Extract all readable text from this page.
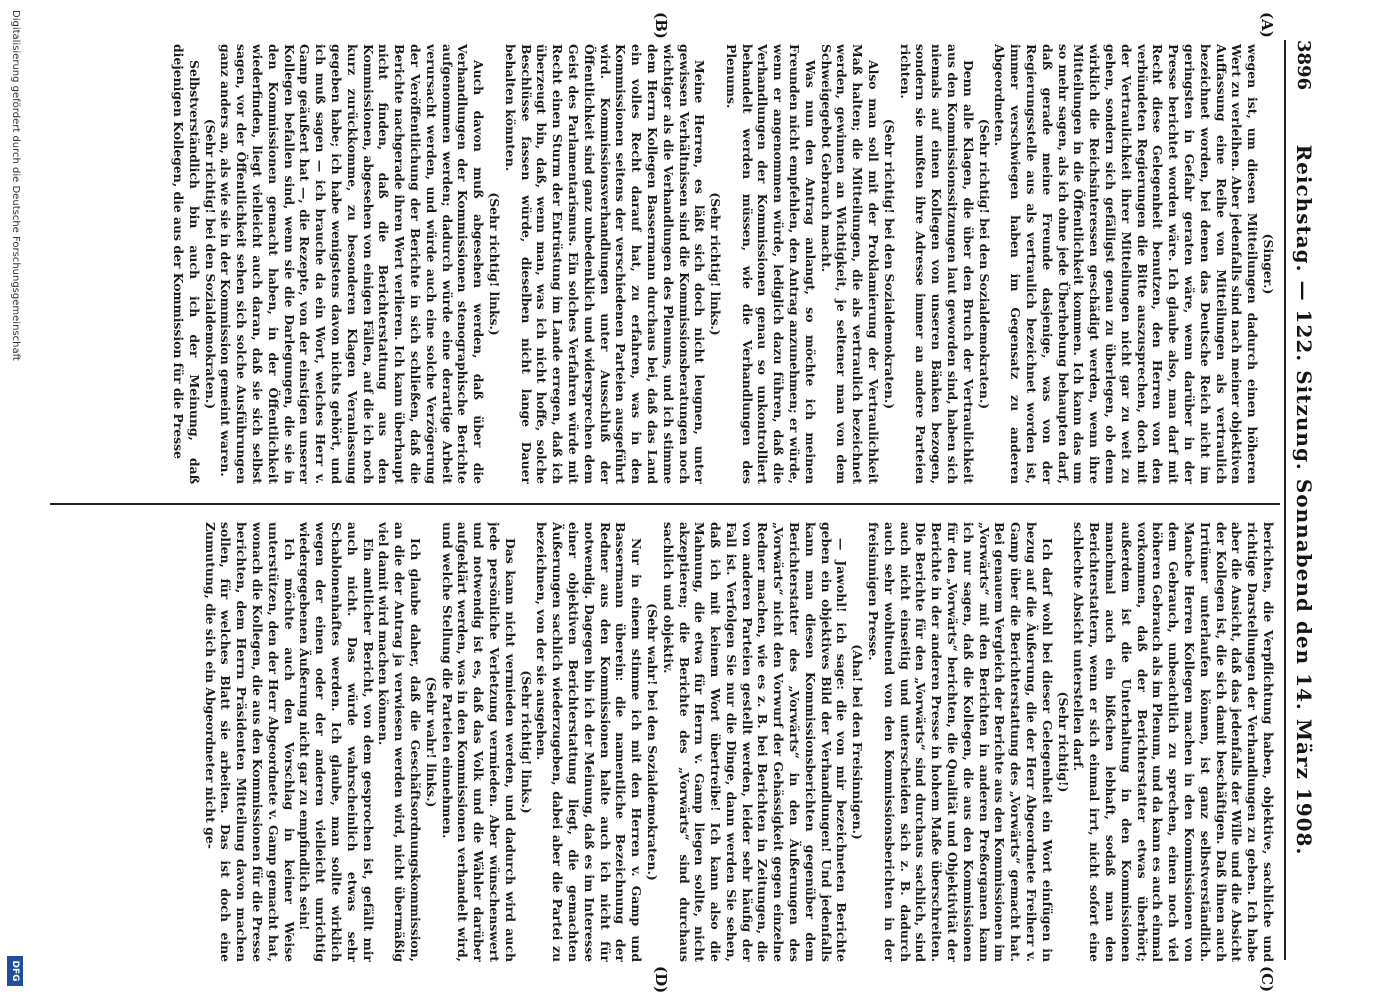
3896
Reichstag. — 122. Sitzung. Sonnabend den 14. März 1908.
(A)
(B)
(C)
(D)

(Singer.)

wegen ist, um diesen Mitteilungen dadurch einen höheren Wert zu verleihen. Aber jedenfalls sind nach meiner objektiven Auffassung eine Reihe von Mitteilungen als vertraulich bezeichnet worden, bei denen das Deutsche Reich nicht im geringsten in Gefahr geraten wäre, wenn darüber in der Presse berichtet worden wäre. Ich glaube also, man darf mit Recht diese Gelegenheit benutzen, den Herren von den verbündeten Regierungen die Bitte auszusprechen, doch mit der Vertraulichkeit ihrer Mitteilungen nicht gar zu weit zu gehen, sondern sich gefälligst genau zu überlegen, ob denn wirklich die Reichsinteressen geschädigt werden, wenn ihre Mitteilungen in die Öffentlichkeit kommen. Ich kann das um so mehr sagen, als ich ohne jede Überhebung behaupten darf, daß gerade meine Freunde dasjenige, was von der Regierungsstelle aus als vertraulich bezeichnet worden ist, immer verschwiegen haben im Gegensatz zu anderen Abgeordneten.

(Sehr richtig! bei den Sozialdemokraten.)

Denn alle Klagen, die über den Bruch der Vertraulichkeit aus den Kommissionssitzungen laut geworden sind, haben sich niemals auf einen Kollegen von unseren Bänken bezogen, sondern sie mußten ihre Adresse immer an andere Parteien richten.

(Sehr richtig! bei den Sozialdemokraten.)

Also man soll mit der Proklamierung der Vertraulichkeit Maß halten; die Mitteilungen, die als vertraulich bezeichnet werden, gewinnen an Wichtigkeit, je seltener man von dem Schweigegebot Gebrauch macht.

Was nun den Antrag anlangt, so möchte ich meinen Freunden nicht empfehlen, den Antrag anzunehmen; er würde, wenn er angenommen würde, lediglich dazu führen, daß die Verhandlungen der Kommissionen genau so unkontrolliert behandelt werden müssen, wie die Verhandlungen des Plenums.

(Sehr richtig! links.)

Meine Herren, es läßt sich doch nicht leugnen, unter gewissen Verhältnissen sind die Kommissionsberatungen noch wichtiger als die Verhandlungen des Plenums, und ich stimme dem Herrn Kollegen Bassermann durchaus bei, daß das Land ein volles Recht darauf hat, zu erfahren, was in den Kommissionen seitens der verschiedenen Parteien ausgeführt wird. Kommissionsverhandlungen unter Ausschluß der Öffentlichkeit sind ganz unbedenklich und widersprechen dem Geist des Parlamentarismus. Ein solches Verfahren würde mit Recht einen Sturm der Entrüstung im Lande erregen, daß ich überzeugt bin, daß, wenn man, was ich nicht hoffe, solche Beschlüsse fassen würde, dieselben nicht lange Dauer behalten könnten.

(Sehr richtig! links.)

Auch davon muß abgesehen werden, daß über die Verhandlungen der Kommissionen stenographische Berichte aufgenommen werden; dadurch würde eine derartige Arbeit verursacht werden, und würde auch eine solche Verzögerung der Veröffentlichung der Berichte in sich schließen, daß die Berichte nachgerade ihren Wert verlieren. Ich kann überhaupt nicht finden, daß die Berichterstattung aus den Kommissionen, abgesehen von einigen Fällen, auf die ich noch kurz zurückkomme, zu besonderen Klagen Veranlassung gegeben habe; ich habe wenigstens davon nichts gehört, und ich muß sagen — ich brauche da ein Wort, welches Herr v. Gamp geäußert hat —, die Rezepte, von der einstigen unserer Kollegen befallen sind, wenn sie die Darlegungen, die sie in den Kommissionen gemacht haben, in der Öffentlichkeit wiederfinden, liegt vielleicht auch daran, daß sie sich selbst sagen, vor der Öffentlichkeit sehen sich solche Ausführungen ganz anders an, als wie sie in der Kommission gemeint waren.

(Sehr richtig! bei den Sozialdemokraten.)

Selbstverständlich bin auch ich der Meinung, daß diejenigen Kollegen, die aus der Kommission für die Presse

berichten, die Verpflichtung haben, objektive, sachliche und richtige Darstellungen der Verhandlungen zu geben. Ich habe aber die Ansicht, daß das jedenfalls der Wille und die Absicht der Kollegen ist, die sich damit beschäftigen. Daß ihnen auch Irrtümer unterlaufen können, ist ganz selbstverständlich. Manche Herren Kollegen machen in den Kommissionen von dem Gebrauch, unbeachtlich zu sprechen, einen noch viel höheren Gebrauch als im Plenum, und da kann es auch einmal vorkommen, daß der Berichterstatter etwas überhört; außerdem ist die Unterhaltung in den Kommissionen manchmal auch ein bißchen lebhaft, sodaß man den Berichterstattern, wenn er sich einmal irrt, nicht sofort eine schlechte Absicht unterstellen darf.

(Sehr richtig!)

Ich darf wohl bei dieser Gelegenheit ein Wort einfügen in bezug auf die Äußerung, die der Herr Abgeordnete Freiherr v. Gamp über die Berichterstattung des „Vorwärts“ gemacht hat. Bei genauem Vergleich der Berichte aus den Kommissionen im „Vorwärts“ mit den Berichten in anderen Preßorganen kann ich nur sagen, daß die Kollegen, die aus den Kommissionen für den „Vorwärts“ berichten, die Qualität und Objektivität der Berichte in der anderen Presse in hohem Maße überschreiten. Die Berichte für den „Vorwärts“ sind durchaus sachlich, sind auch nicht einseitig und unterscheiden sich z. B. dadurch auch sehr wohltuend von den Kommissionsberichten in der freisinnigen Presse.

(Aha! bei den Freisinnigen.)

— Jawohl! ich sage: die von mir bezeichneten Berichte geben ein objektives Bild der Verhandlungen! Und jedenfalls kann man diesen Kommissionsberichten gegenüber dem Berichterstatter des „Vorwärts“ in den Äußerungen des „Vorwärts“ nicht den Vorwurf der Gehässigkeit gegen einzelne Redner machen, wie es z. B. bei Berichten in Zeitungen, die von anderen Parteien gestellt werden, leider sehr häufig der Fall ist. Verfolgen Sie nur die Dinge, dann werden Sie sehen, daß ich mit keinem Wort übertreibe! Ich kann also die Mahnung, die etwa für Herrn v. Gamp liegen sollte, nicht akzeptieren; die Berichte des „Vorwärts“ sind durchaus sachlich und objektiv.

(Sehr wahr! bei den Sozialdemokraten.)

Nur in einem stimme ich mit den Herren v. Gamp und Bassermann überein: die namentliche Bezeichnung der Redner aus den Kommissionen halte auch ich nicht für notwendig. Dagegen bin ich der Meinung, daß es im Interesse einer objektiven Berichterstattung liegt, die gemachten Äußerungen sachlich wiederzugeben, dabei aber die Partei zu bezeichnen, von der sie ausgehen.

(Sehr richtig! links.)

Das kann nicht vermieden werden, und dadurch wird auch jede persönliche Verletzung vermieden. Aber wünschenswert und notwendig ist es, daß das Volk und die Wähler darüber aufgeklärt werden, was in den Kommissionen verhandelt wird, und welche Stellung die Parteien einnehmen.

(Sehr wahr! links.)

Ich glaube daher, daß die Geschäftsordnungskommission, an die der Antrag ja verwiesen werden wird, nicht übermäßig viel damit wird machen können.

Ein amtlicher Bericht, von dem gesprochen ist, gefällt mir auch nicht. Das würde wahrscheinlich etwas sehr Schablonenhaftes werden. Ich glaube, man sollte wirklich wegen der einen oder der anderen vielleicht unrichtig wiedergegebenen Äußerung nicht gar zu empfindlich sein!

Ich möchte auch den Vorschlag in keiner Weise unterstützen, den der Herr Abgeordnete v. Gamp gemacht hat, wonach die Kollegen, die aus den Kommissionen für die Presse berichten, dem Herrn Präsidenten Mitteilung davon machen sollen, für welches Blatt sie arbeiten. Das ist doch eine Zumutung, die sich ein Abgeordneter nicht ge-

Digitalisierung gefördert durch die Deutsche Forschungsgemeinschaft
DFG
